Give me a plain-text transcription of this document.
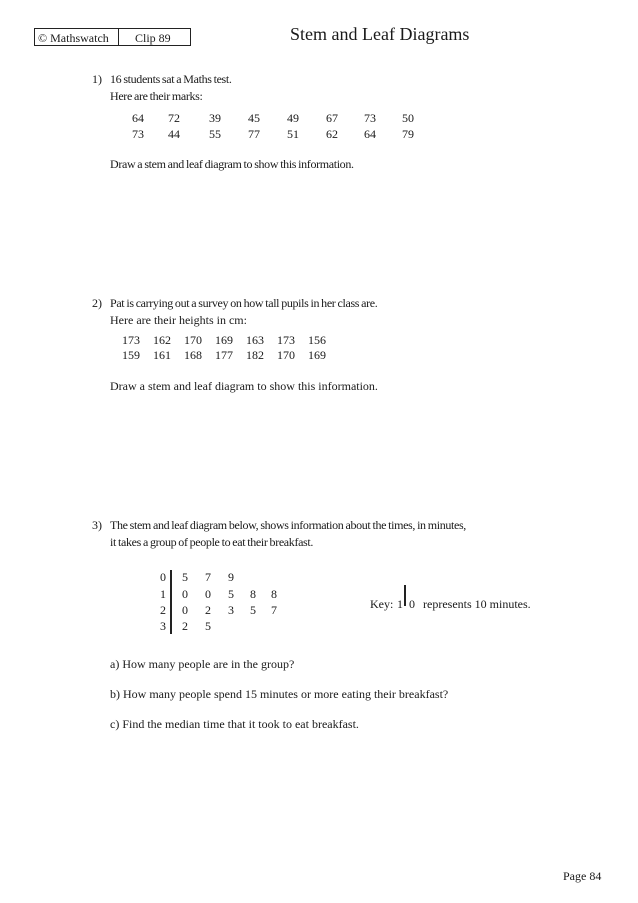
© Mathswatch	Clip 89	Stem and Leaf Diagrams
1) 16 students sat a Maths test.
Here are their marks:
64 72 39 45 49 67 73 50
73 44 55 77 51 62 64 79
Draw a stem and leaf diagram to show this information.
2) Pat is carrying out a survey on how tall pupils in her class are.
Here are their heights in cm:
173 162 170 169 163 173 156
159 161 168 177 182 170 169
Draw a stem and leaf diagram to show this information.
3) The stem and leaf diagram below, shows information about the times, in minutes,
it takes a group of people to eat their breakfast.
0
1
2
3
5 7 9
0 0 5 8 8
0 2 3 5 7
2 5
Key: 1 0 represents 10 minutes.
a) How many people are in the group?
b) How many people spend 15 minutes or more eating their breakfast?
c) Find the median time that it took to eat breakfast.
Page 84
